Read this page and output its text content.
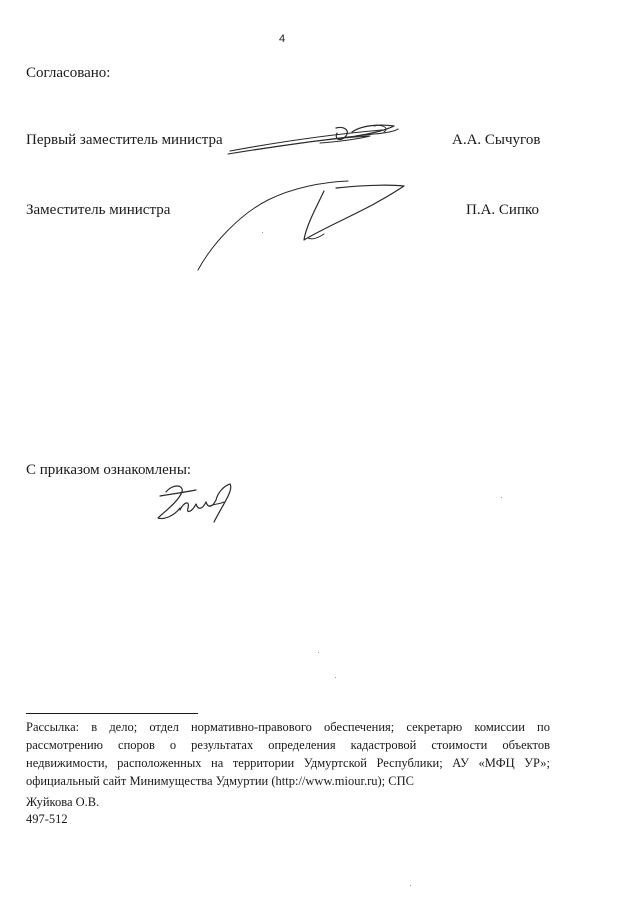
4
Согласовано:
Первый заместитель министра	А.А. Сычугов
Заместитель министра	П.А. Сипко
С приказом ознакомлены:
Рассылка: в дело; отдел нормативно-правового обеспечения; секретарю комиссии по
рассмотрению споров о результатах определения кадастровой стоимости объектов
недвижимости, расположенных на территории Удмуртской Республики; АУ «МФЦ УР»;
официальный сайт Минимущества Удмуртии (http://www.miour.ru); СПС
Жуйкова О.В.
497-512
